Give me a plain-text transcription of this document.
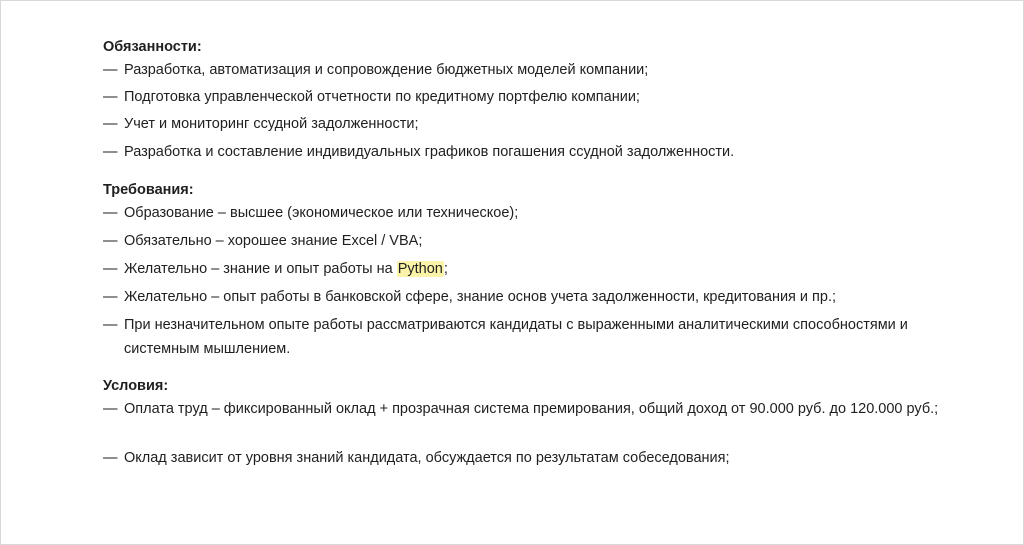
Обязанности:
— Разработка, автоматизация и сопровождение бюджетных моделей компании;
— Подготовка управленческой отчетности по кредитному портфелю компании;
— Учет и мониторинг ссудной задолженности;
— Разработка и составление индивидуальных графиков погашения ссудной задолженности.
Требования:
— Образование – высшее (экономическое или техническое);
— Обязательно – хорошее знание Excel / VBA;
— Желательно – знание и опыт работы на Python;
— Желательно – опыт работы в банковской сфере, знание основ учета задолженности, кредитования и пр.;
— При незначительном опыте работы рассматриваются кандидаты с выраженными аналитическими способностями и системным мышлением.
Условия:
— Оплата труд – фиксированный оклад + прозрачная система премирования, общий доход от 90.000 руб. до 120.000 руб.;
— Оклад зависит от уровня знаний кандидата, обсуждается по результатам собеседования;
